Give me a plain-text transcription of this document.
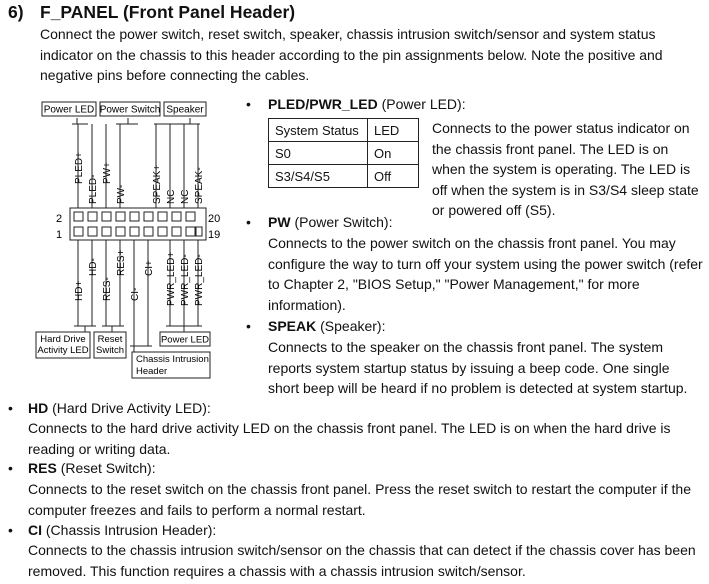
6) F_PANEL (Front Panel Header)
Connect the power switch, reset switch, speaker, chassis intrusion switch/sensor and system status indicator on the chassis to this header according to the pin assignments below. Note the positive and negative pins before connecting the cables.
Power LED Power Switch Speaker
PLED+
PLED-
PW+
PW-	SPEAK+ NC NC SPEAK-
2
1
20
19
HD+
HD-
RES-
RES+
CI-
CI+ PWR_LED+ PWR_LED- PWR_LED-
Hard Drive
Activity LED
Reset
Switch
Power LED
Chassis Intrusion
Header
• PLED/PWR_LED (Power LED):
System Status	LED
S0	On
S3/S4/S5	Off
Connects to the power status indicator on the chassis front panel. The LED is on when the system is operating. The LED is off when the system is in S3/S4 sleep state or powered off (S5).
• PW (Power Switch):
Connects to the power switch on the chassis front panel. You may configure the way to turn off your system using the power switch (refer to Chapter 2, "BIOS Setup," "Power Management," for more information).
• SPEAK (Speaker):
Connects to the speaker on the chassis front panel. The system reports system startup status by issuing a beep code. One single short beep will be heard if no problem is detected at system startup.
• HD (Hard Drive Activity LED):
Connects to the hard drive activity LED on the chassis front panel. The LED is on when the hard drive is reading or writing data.
• RES (Reset Switch):
Connects to the reset switch on the chassis front panel. Press the reset switch to restart the computer if the computer freezes and fails to perform a normal restart.
• CI (Chassis Intrusion Header):
Connects to the chassis intrusion switch/sensor on the chassis that can detect if the chassis cover has been removed. This function requires a chassis with a chassis intrusion switch/sensor.
